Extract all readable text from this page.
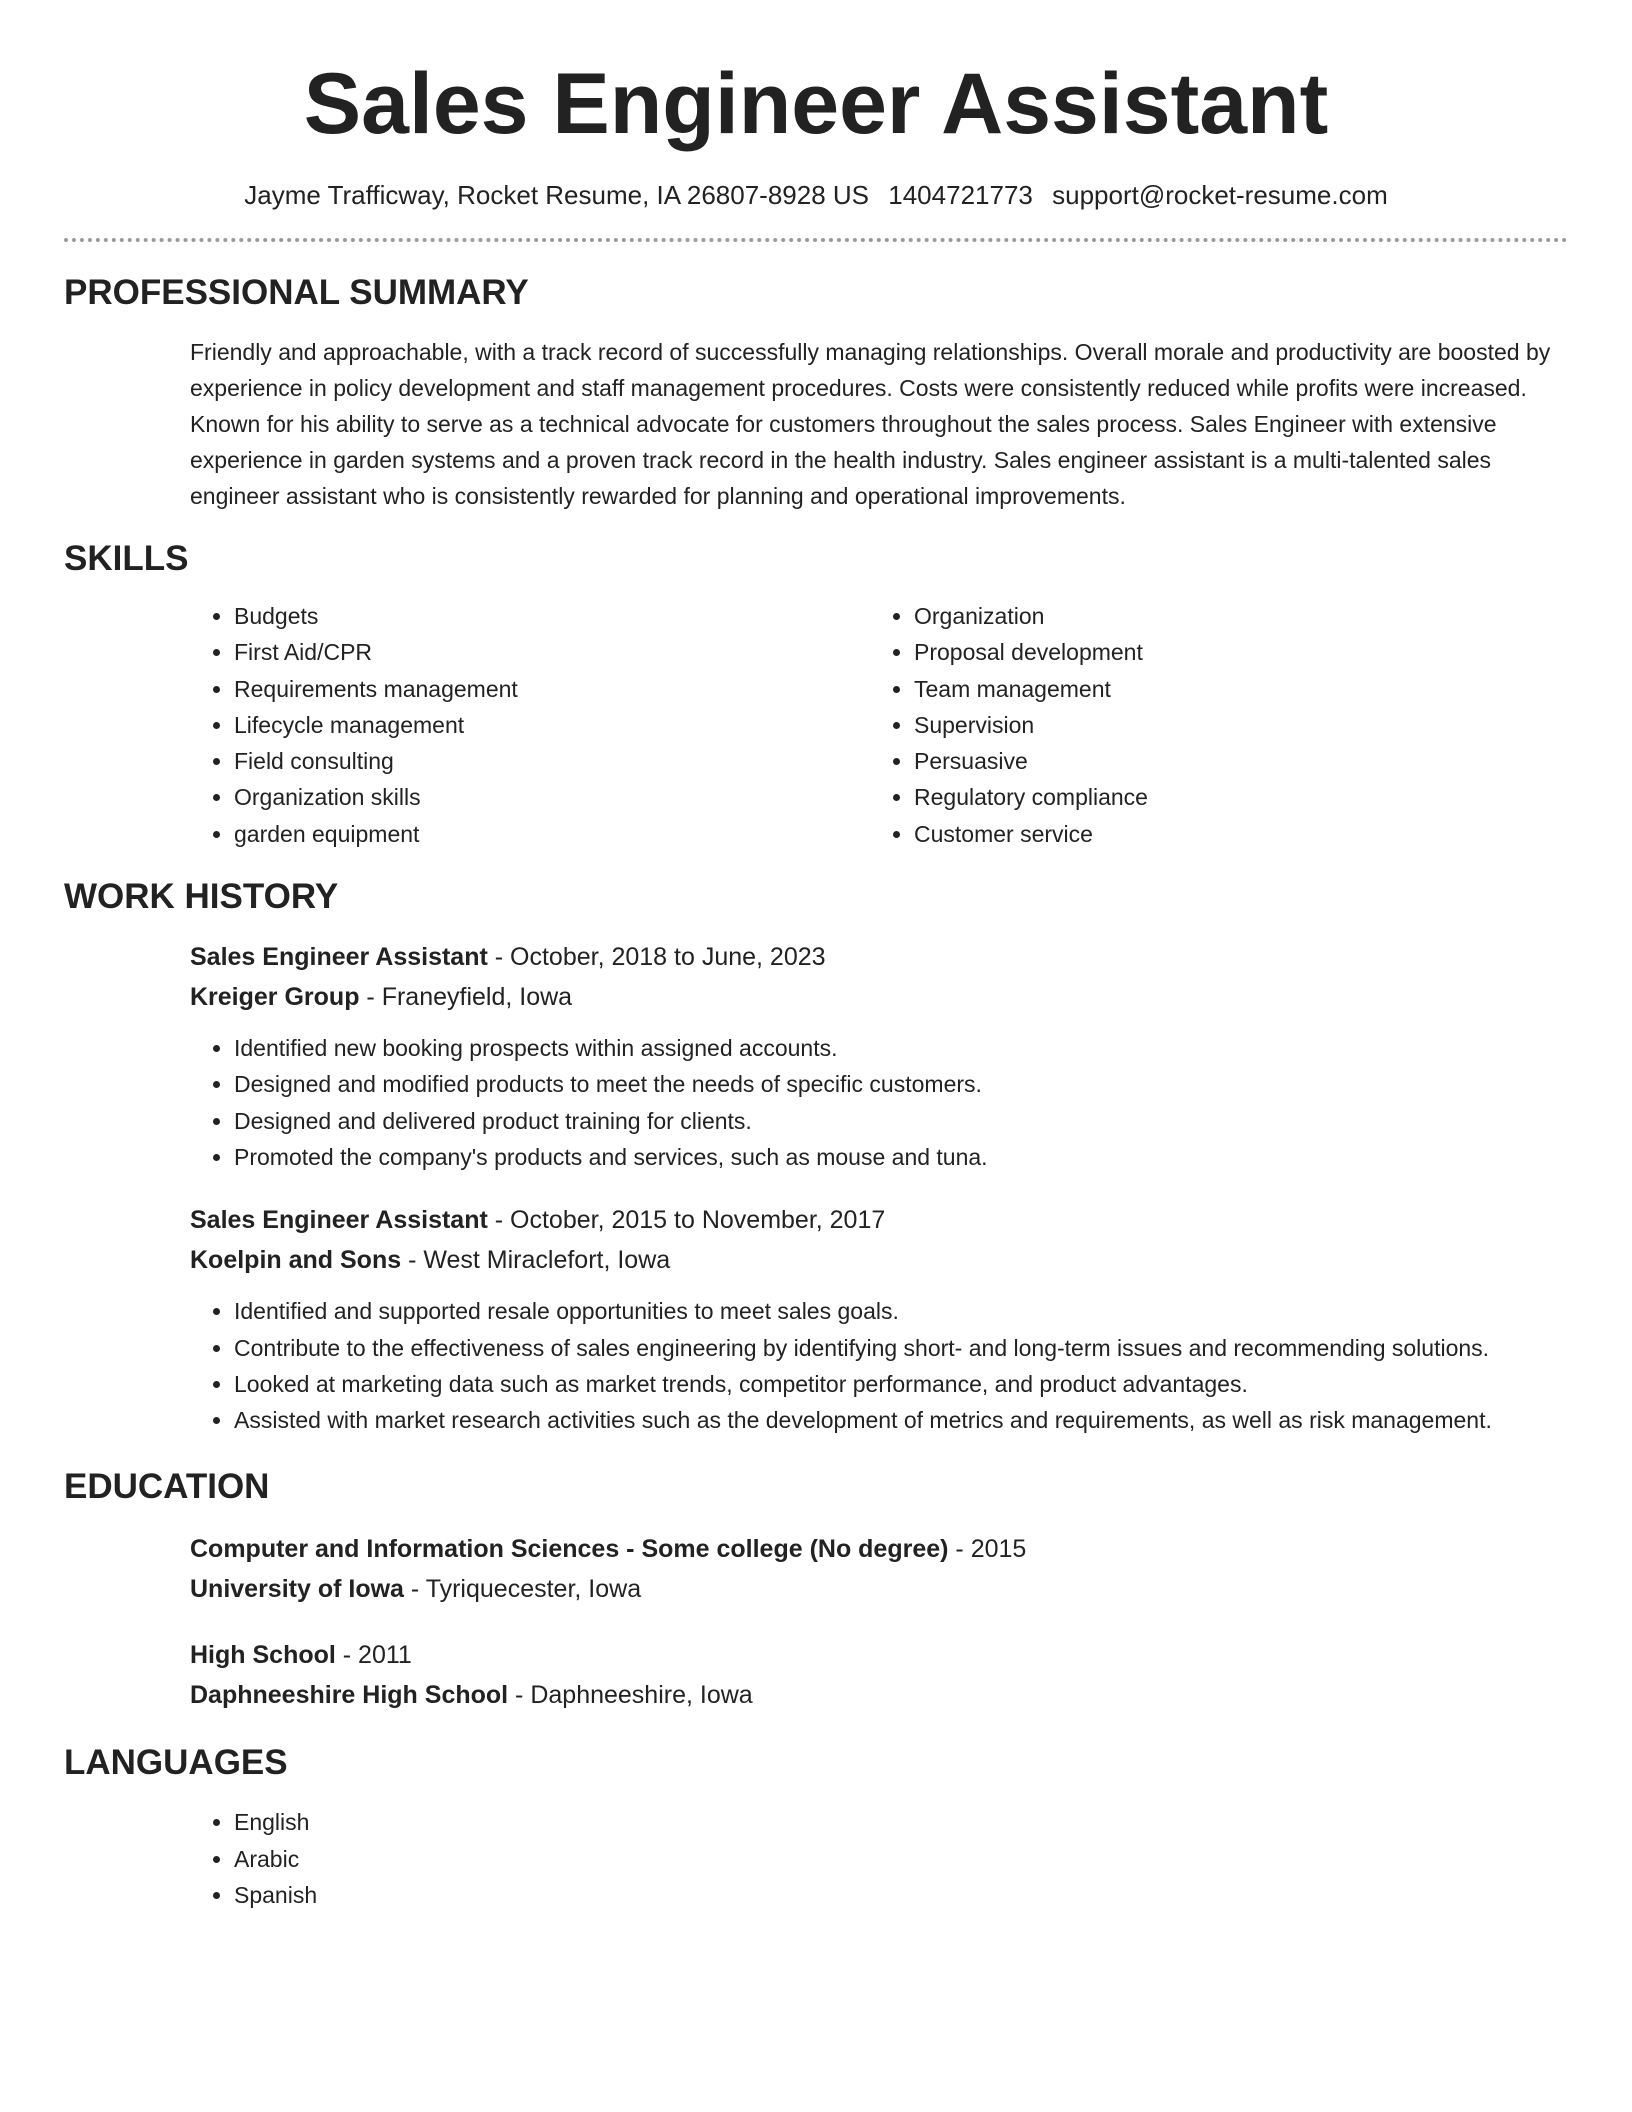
Sales Engineer Assistant
Jayme Trafficway, Rocket Resume, IA 26807-8928 US 1404721773 support@rocket-resume.com
PROFESSIONAL SUMMARY

Friendly and approachable, with a track record of successfully managing relationships. Overall morale and productivity are boosted by experience in policy development and staff management procedures. Costs were consistently reduced while profits were increased. Known for his ability to serve as a technical advocate for customers throughout the sales process. Sales Engineer with extensive experience in garden systems and a proven track record in the health industry. Sales engineer assistant is a multi-talented sales engineer assistant who is consistently rewarded for planning and operational improvements.

SKILLS
• Budgets
• First Aid/CPR
• Requirements management
• Lifecycle management
• Field consulting
• Organization skills
• garden equipment
• Organization
• Proposal development
• Team management
• Supervision
• Persuasive
• Regulatory compliance
• Customer service
WORK HISTORY
Sales Engineer Assistant - October, 2018 to June, 2023
Kreiger Group - Franeyfield, Iowa
• Identified new booking prospects within assigned accounts.
• Designed and modified products to meet the needs of specific customers.
• Designed and delivered product training for clients.
• Promoted the company's products and services, such as mouse and tuna.
Sales Engineer Assistant - October, 2015 to November, 2017
Koelpin and Sons - West Miraclefort, Iowa
• Identified and supported resale opportunities to meet sales goals.
• Contribute to the effectiveness of sales engineering by identifying short- and long-term issues and recommending solutions.
• Looked at marketing data such as market trends, competitor performance, and product advantages.
• Assisted with market research activities such as the development of metrics and requirements, as well as risk management.
EDUCATION
Computer and Information Sciences - Some college (No degree) - 2015
University of Iowa - Tyriquecester, Iowa
High School - 2011
Daphneeshire High School - Daphneeshire, Iowa
LANGUAGES
• English
• Arabic
• Spanish
